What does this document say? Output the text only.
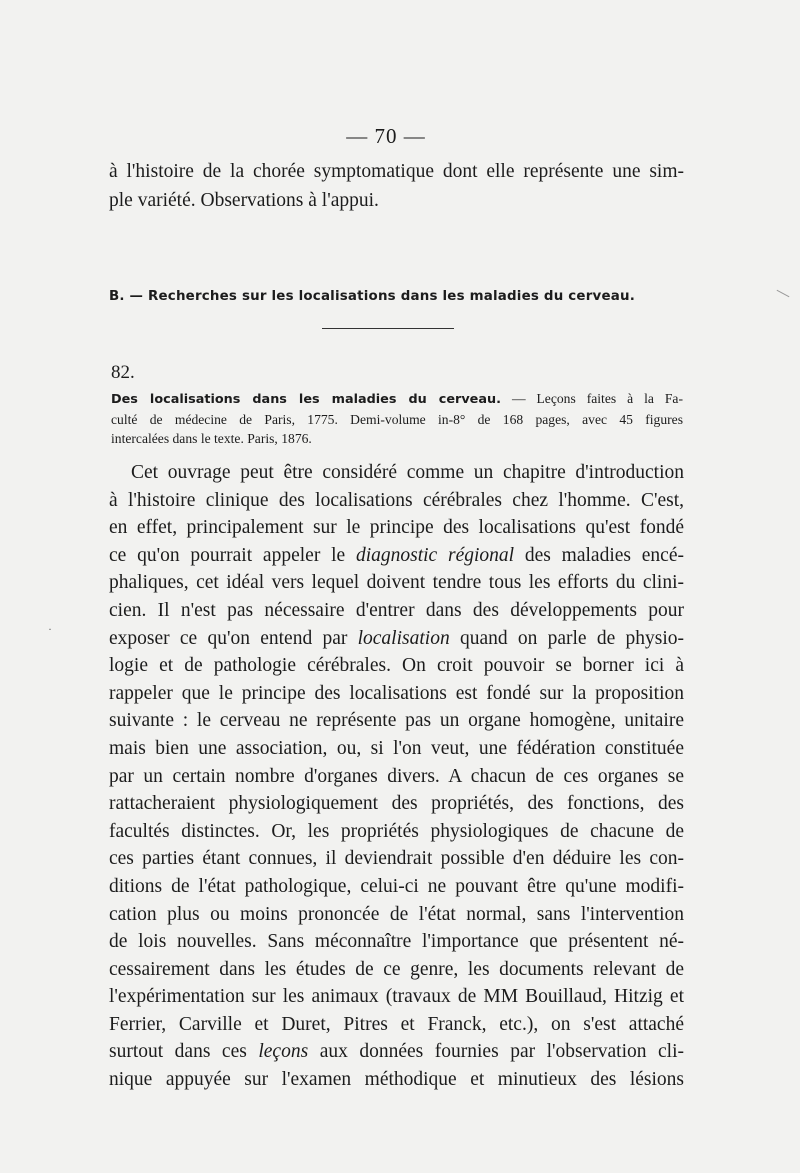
— 70 —
à l'histoire de la chorée symptomatique dont elle représente une sim-
ple variété. Observations à l'appui.
B. — Recherches sur les localisations dans les maladies du cerveau.
82.
Des localisations dans les maladies du cerveau. — Leçons faites à la Fa-
culté de médecine de Paris, 1775. Demi-volume in-8° de 168 pages, avec 45 figures
intercalées dans le texte. Paris, 1876.
Cet ouvrage peut être considéré comme un chapitre d'introduction
à l'histoire clinique des localisations cérébrales chez l'homme. C'est,
en effet, principalement sur le principe des localisations qu'est fondé
ce qu'on pourrait appeler le diagnostic régional des maladies encé-
phaliques, cet idéal vers lequel doivent tendre tous les efforts du clini-
cien. Il n'est pas nécessaire d'entrer dans des développements pour
exposer ce qu'on entend par localisation quand on parle de physio-
logie et de pathologie cérébrales. On croit pouvoir se borner ici à
rappeler que le principe des localisations est fondé sur la proposition
suivante : le cerveau ne représente pas un organe homogène, unitaire
mais bien une association, ou, si l'on veut, une fédération constituée
par un certain nombre d'organes divers. A chacun de ces organes se
rattacheraient physiologiquement des propriétés, des fonctions, des
facultés distinctes. Or, les propriétés physiologiques de chacune de
ces parties étant connues, il deviendrait possible d'en déduire les con-
ditions de l'état pathologique, celui-ci ne pouvant être qu'une modifi-
cation plus ou moins prononcée de l'état normal, sans l'intervention
de lois nouvelles. Sans méconnaître l'importance que présentent né-
cessairement dans les études de ce genre, les documents relevant de
l'expérimentation sur les animaux (travaux de MM Bouillaud, Hitzig et
Ferrier, Carville et Duret, Pitres et Franck, etc.), on s'est attaché
surtout dans ces leçons aux données fournies par l'observation cli-
nique appuyée sur l'examen méthodique et minutieux des lésions
·
